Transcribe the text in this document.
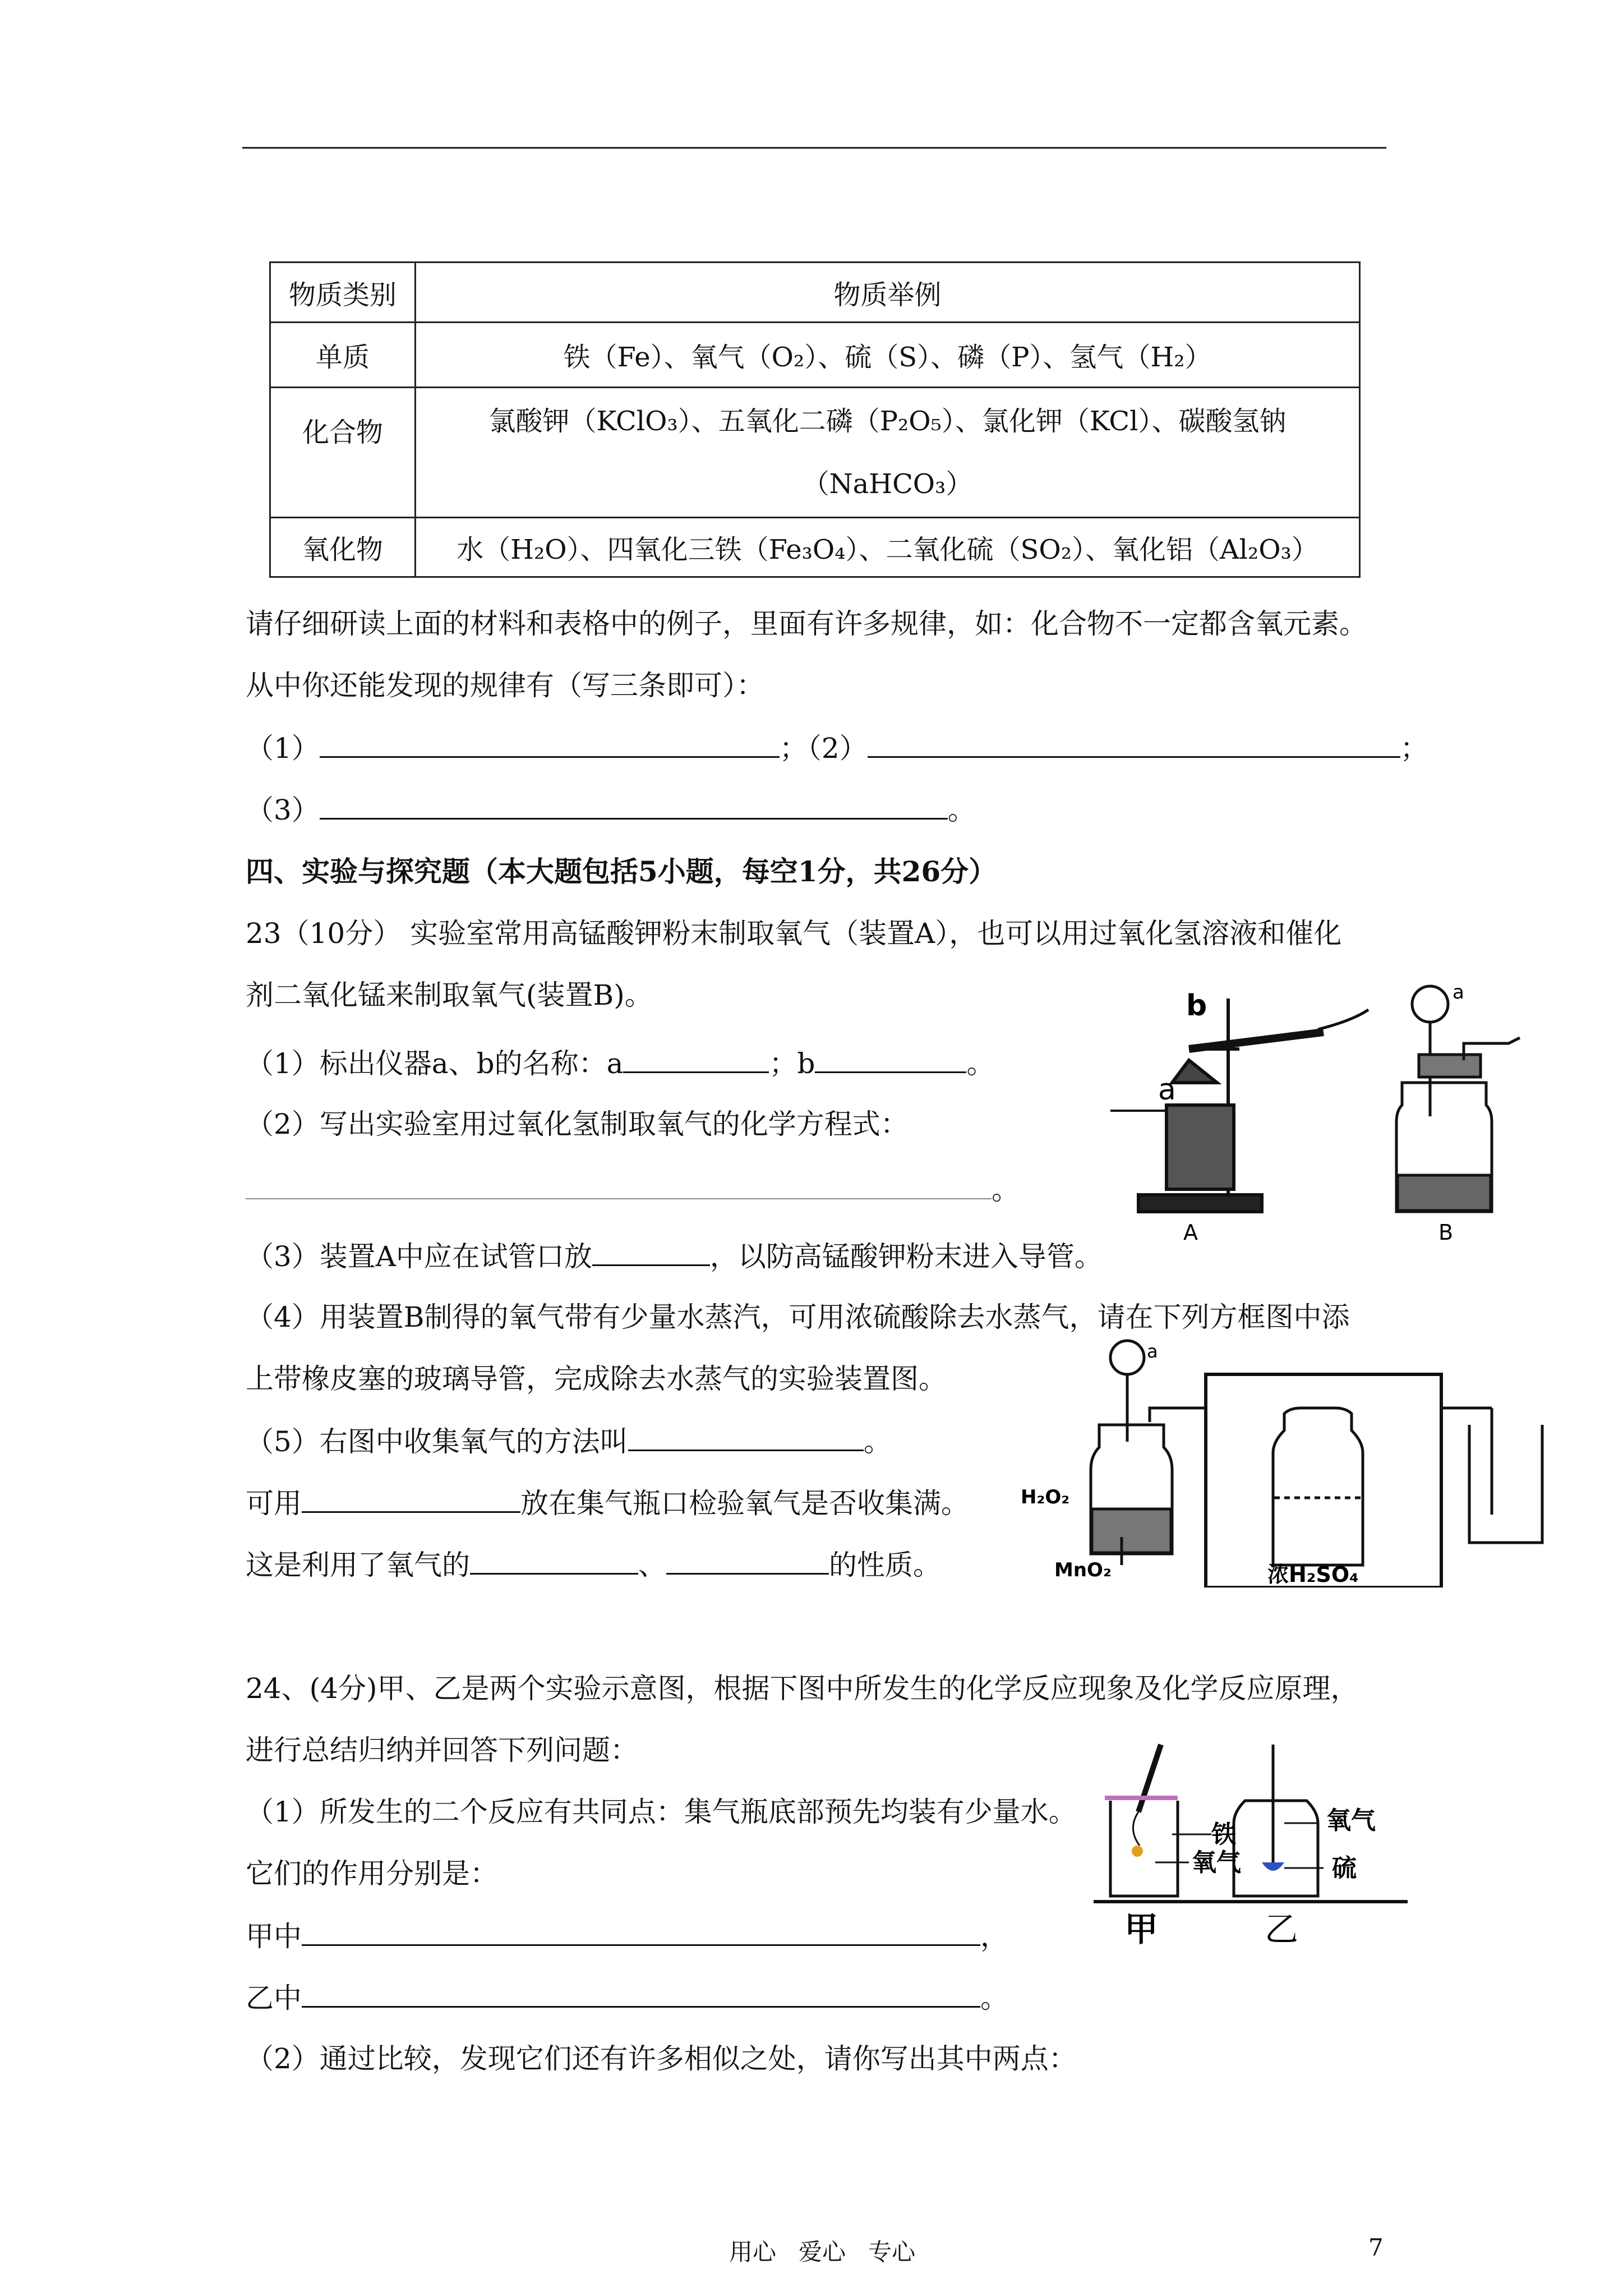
物质类别	物质举例
单质	铁（Fe）、氧气（O₂）、硫（S）、磷（P）、氢气（H₂）
化合物	氯酸钾（KClO₃）、五氧化二磷（P₂O₅）、氯化钾（KCl）、碳酸氢钠
（NaHCO₃）
氧化物	水（H₂O）、四氧化三铁（Fe₃O₄）、二氧化硫（SO₂）、氧化铝（Al₂O₃）
请仔细研读上面的材料和表格中的例子，里面有许多规律，如：化合物不一定都含氧元素。
从中你还能发现的规律有（写三条即可）：
（1）	；（2）	；
（3）	。
四、实验与探究题（本大题包括5小题，每空1分，共26分）
23（10分） 实验室常用高锰酸钾粉末制取氧气（装置A），也可以用过氧化氢溶液和催化
剂二氧化锰来制取氧气(装置B)。
（1）标出仪器a、b的名称：a	；b	。
（2）写出实验室用过氧化氢制取氧气的化学方程式：
。
（3）装置A中应在试管口放	，以防高锰酸钾粉末进入导管。
（4）用装置B制得的氧气带有少量水蒸汽，可用浓硫酸除去水蒸气，请在下列方框图中添
上带橡皮塞的玻璃导管，完成除去水蒸气的实验装置图。
（5）右图中收集氧气的方法叫	。
可用	放在集气瓶口检验氧气是否收集满。
这是利用了氧气的	、	的性质。
a
b
A
a
B
a
H₂O₂
MnO₂	浓H₂SO₄
24、(4分)甲、乙是两个实验示意图，根据下图中所发生的化学反应现象及化学反应原理，
进行总结归纳并回答下列问题：
（1）所发生的二个反应有共同点：集气瓶底部预先均装有少量水。
它们的作用分别是：
甲中	，
乙中	。
（2）通过比较，发现它们还有许多相似之处，请你写出其中两点：
铁
氧气
氧气
硫
甲	乙
用心   爱心   专心	7
